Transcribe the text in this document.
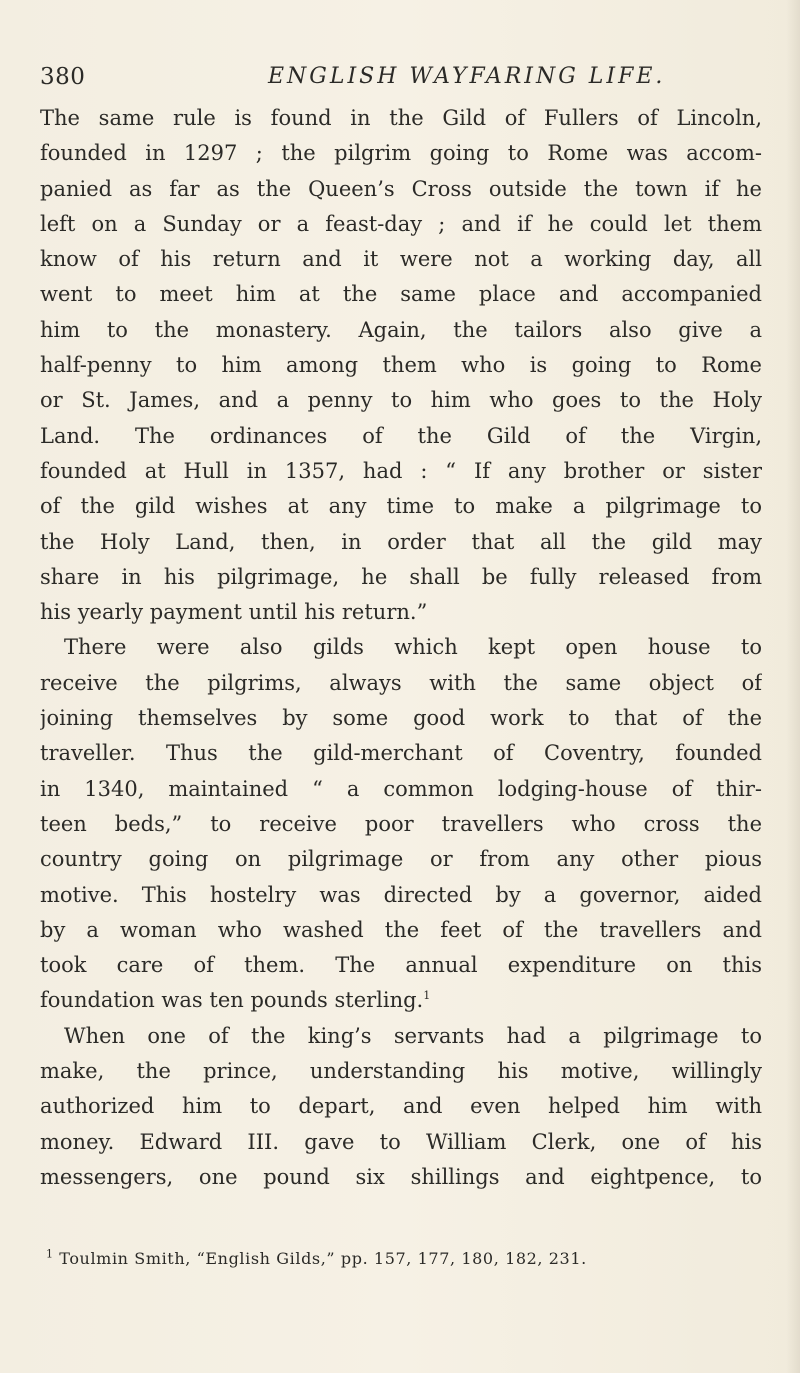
380	ENGLISH WAYFARING LIFE.
The same rule is found in the Gild of Fullers of Lincoln,
founded in 1297 ; the pilgrim going to Rome was accom-
panied as far as the Queen’s Cross outside the town if he
left on a Sunday or a feast-day ; and if he could let them
know of his return and it were not a working day, all
went to meet him at the same place and accompanied
him to the monastery. Again, the tailors also give a
half-penny to him among them who is going to Rome
or St. James, and a penny to him who goes to the Holy
Land. The ordinances of the Gild of the Virgin,
founded at Hull in 1357, had : “ If any brother or sister
of the gild wishes at any time to make a pilgrimage to
the Holy Land, then, in order that all the gild may
share in his pilgrimage, he shall be fully released from
his yearly payment until his return.”
There were also gilds which kept open house to
receive the pilgrims, always with the same object of
joining themselves by some good work to that of the
traveller. Thus the gild-merchant of Coventry, founded
in 1340, maintained “ a common lodging-house of thir-
teen beds,” to receive poor travellers who cross the
country going on pilgrimage or from any other pious
motive. This hostelry was directed by a governor, aided
by a woman who washed the feet of the travellers and
took care of them. The annual expenditure on this
foundation was ten pounds sterling.$^1$
When one of the king’s servants had a pilgrimage to
make, the prince, understanding his motive, willingly
authorized him to depart, and even helped him with
money. Edward III. gave to William Clerk, one of his
messengers, one pound six shillings and eightpence, to
$^1$ Toulmin Smith, “English Gilds,” pp. 157, 177, 180, 182, 231.
